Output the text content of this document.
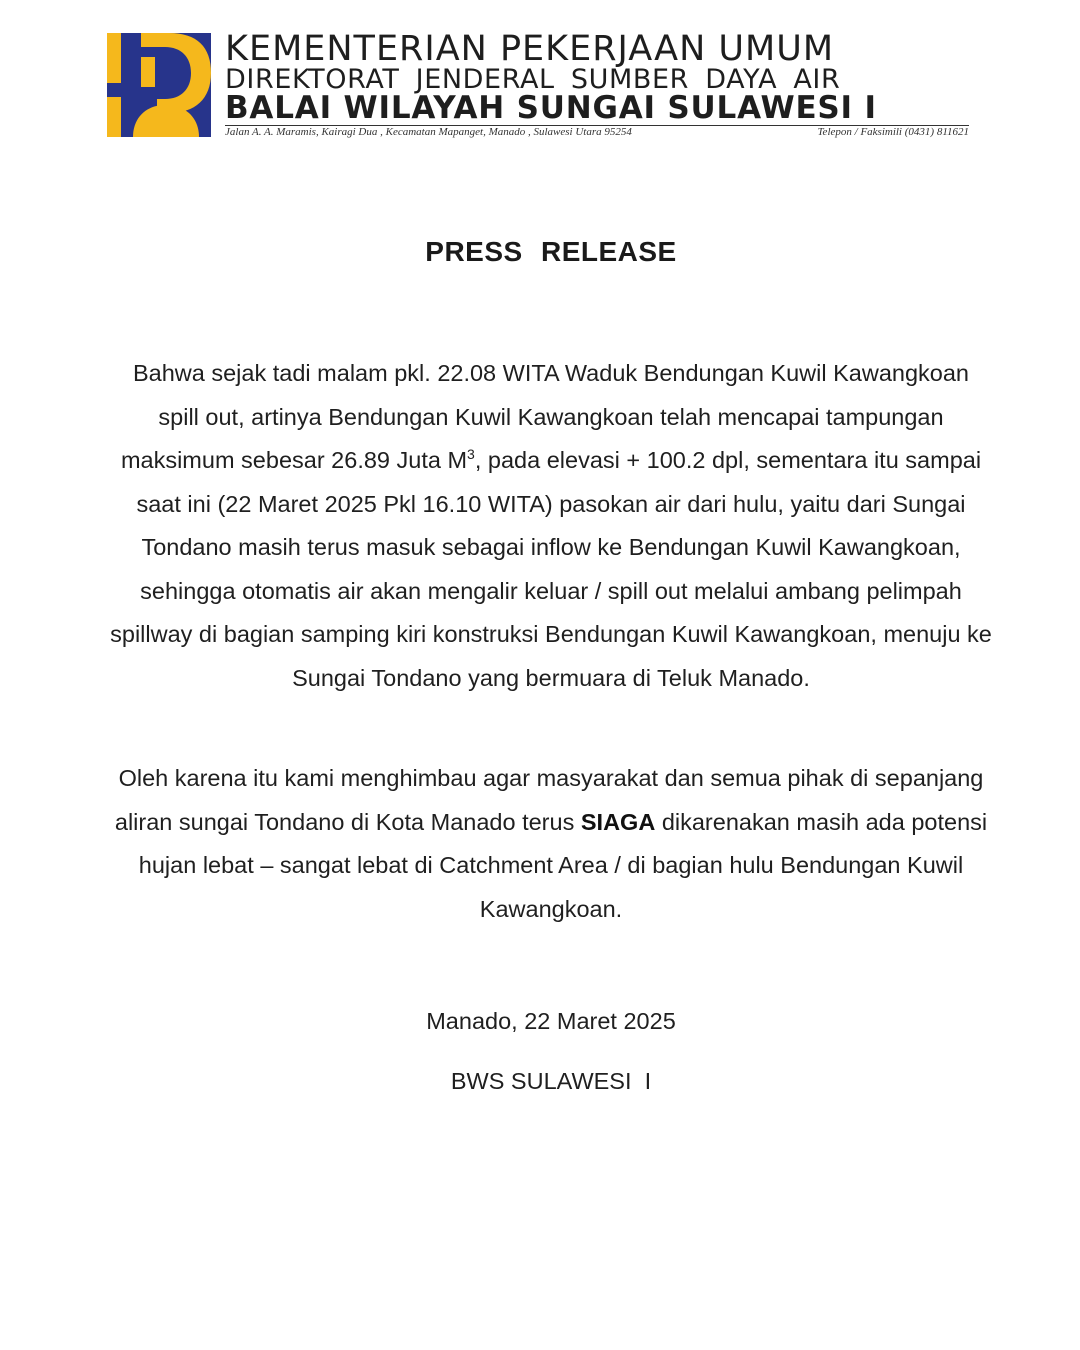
KEMENTERIAN PEKERJAAN UMUM
DIREKTORAT JENDERAL SUMBER DAYA AIR
BALAI WILAYAH SUNGAI SULAWESI I
Jalan A. A. Maramis, Kairagi Dua , Kecamatan Mapanget, Manado , Sulawesi Utara 95254	Telepon / Faksimili (0431) 811621
PRESS RELEASE
Bahwa sejak tadi malam pkl. 22.08 WITA Waduk Bendungan Kuwil Kawangkoan spill out, artinya Bendungan Kuwil Kawangkoan telah mencapai tampungan maksimum sebesar 26.89 Juta $M^3$, pada elevasi + 100.2 dpl, sementara itu sampai saat ini (22 Maret 2025 Pkl 16.10 WITA) pasokan air dari hulu, yaitu dari Sungai Tondano masih terus masuk sebagai inflow ke Bendungan Kuwil Kawangkoan, sehingga otomatis air akan mengalir keluar / spill out melalui ambang pelimpah spillway di bagian samping kiri konstruksi Bendungan Kuwil Kawangkoan, menuju ke Sungai Tondano yang bermuara di Teluk Manado.
Oleh karena itu kami menghimbau agar masyarakat dan semua pihak di sepanjang aliran sungai Tondano di Kota Manado terus SIAGA dikarenakan masih ada potensi hujan lebat – sangat lebat di Catchment Area / di bagian hulu Bendungan Kuwil Kawangkoan.
Manado, 22 Maret 2025
BWS SULAWESI  I
